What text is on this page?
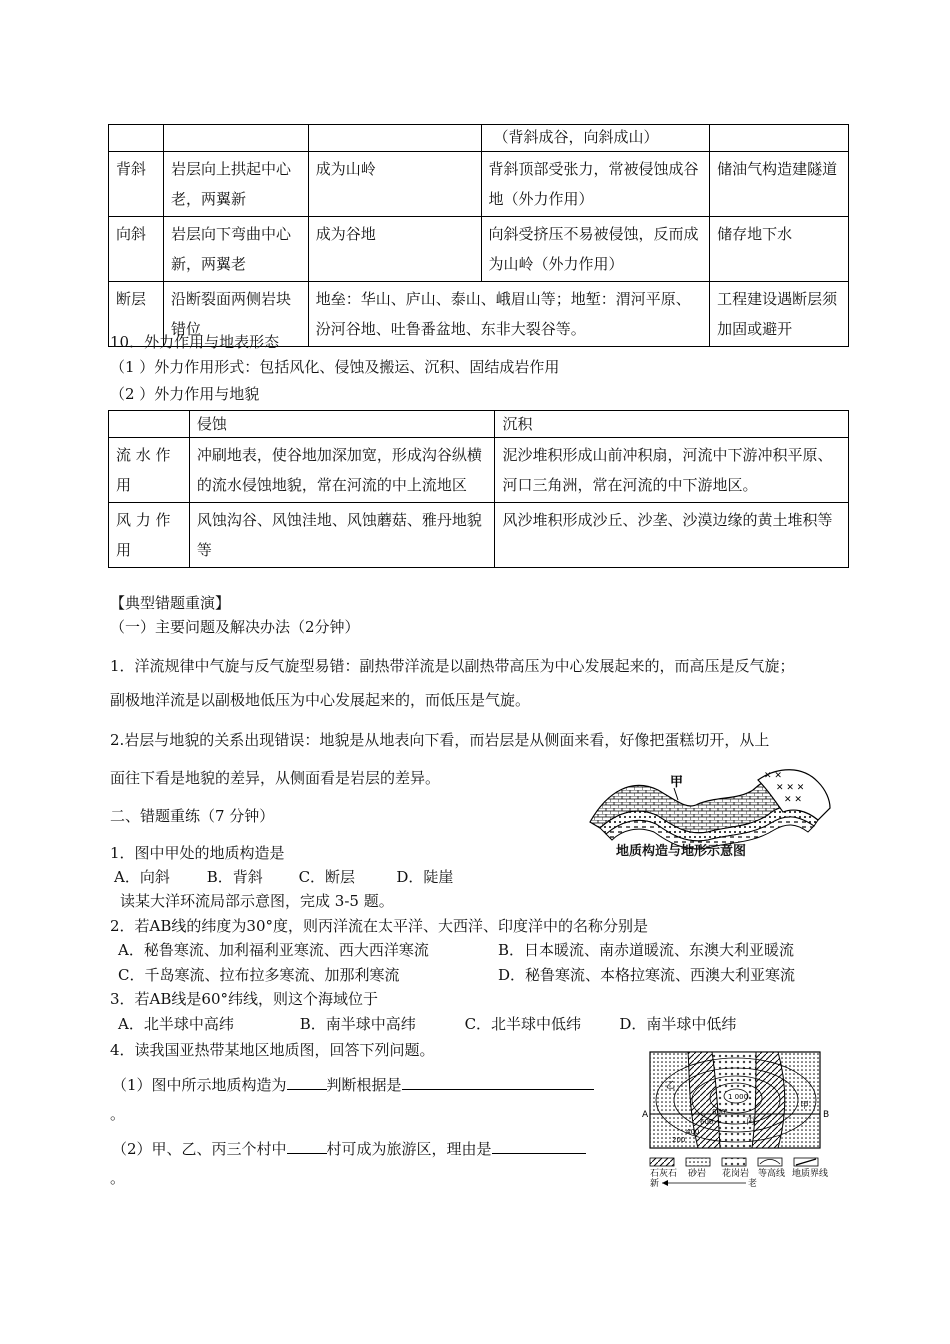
			（背斜成谷，向斜成山）	
背斜	岩层向上拱起中心老，两翼新	成为山岭	背斜顶部受张力，常被侵蚀成谷地（外力作用）	储油气构造建隧道
向斜	岩层向下弯曲中心新，两翼老	成为谷地	向斜受挤压不易被侵蚀，反而成为山岭（外力作用）	储存地下水
断层	沿断裂面两侧岩块错位	地垒：华山、庐山、泰山、峨眉山等；地堑：渭河平原、汾河谷地、吐鲁番盆地、东非大裂谷等。		工程建设遇断层须加固或避开
10．外力作用与地表形态
（1 ）外力作用形式：包括风化、侵蚀及搬运、沉积、固结成岩作用
（2 ）外力作用与地貌
	侵蚀	沉积
流 水 作用	冲刷地表，使谷地加深加宽，形成沟谷纵横的流水侵蚀地貌，常在河流的中上流地区	泥沙堆积形成山前冲积扇，河流中下游冲积平原、河口三角洲，常在河流的中下游地区。
风 力 作用	风蚀沟谷、风蚀洼地、风蚀蘑菇、雅丹地貌等	风沙堆积形成沙丘、沙垄、沙漠边缘的黄土堆积等
【典型错题重演】
（一）主要问题及解决办法（2分钟）
1．洋流规律中气旋与反气旋型易错：副热带洋流是以副热带高压为中心发展起来的，而高压是反气旋；
副极地洋流是以副极地低压为中心发展起来的，而低压是气旋。
2.岩层与地貌的关系出现错误：地貌是从地表向下看，而岩层是从侧面来看，好像把蛋糕切开，从上
面往下看是地貌的差异，从侧面看是岩层的差异。	✕ ✕
✕ ✕ ✕
✕ ✕
甲
地质构造与地形示意图
二、错题重练（7 分钟）
1．图中甲处的地质构造是
A．向斜 B．背斜 C．断层	D．陡崖
读某大洋环流局部示意图，完成 3-5 题。
2．若AB线的纬度为30°度，则丙洋流在太平洋、大西洋、印度洋中的名称分别是
A．秘鲁寒流、加利福利亚寒流、西大西洋寒流	B．日本暖流、南赤道暖流、东澳大利亚暖流
C．千岛寒流、拉布拉多寒流、加那利寒流	D．秘鲁寒流、本格拉寒流、西澳大利亚寒流
3．若AB线是60°纬线，则这个海域位于
A．北半球中高纬	B．南半球中高纬	C．北半球中低纬	D．南半球中低纬
4．读我国亚热带某地区地质图，回答下列问题。
（1）图中所示地质构造为	判断根据是
。
（2）甲、乙、丙三个村中	村可成为旅游区，理由是
。
A	B
1 000
800
600
400
200
甲
乙
丙
石灰石 砂岩 花岗岩 等高线 地质界线
新	老
